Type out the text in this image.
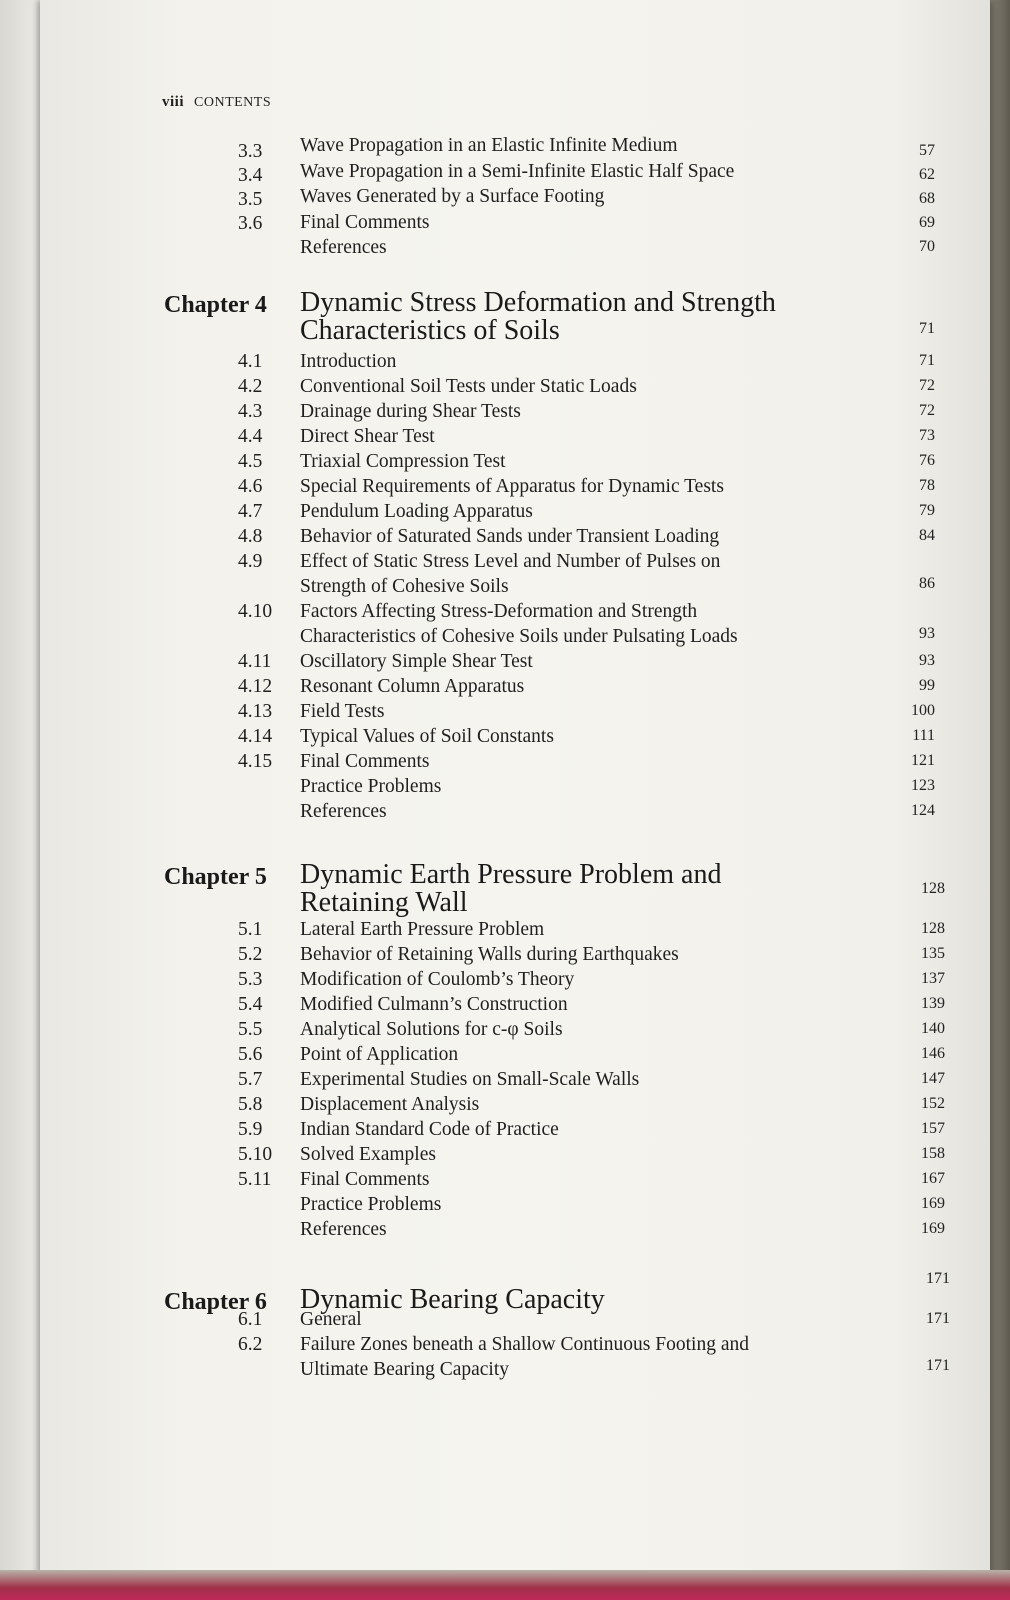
viii CONTENTS
3.3	Wave Propagation in an Elastic Infinite Medium	57
3.4	Wave Propagation in a Semi-Infinite Elastic Half Space	62
3.5	Waves Generated by a Surface Footing	68
3.6	Final Comments	69
References	70
Chapter 4 Dynamic Stress Deformation and Strength
Characteristics of Soils	71
4.1	Introduction	71
4.2	Conventional Soil Tests under Static Loads	72
4.3	Drainage during Shear Tests	72
4.4	Direct Shear Test	73
4.5	Triaxial Compression Test	76
4.6	Special Requirements of Apparatus for Dynamic Tests	78
4.7	Pendulum Loading Apparatus	79
4.8	Behavior of Saturated Sands under Transient Loading	84
4.9	Effect of Static Stress Level and Number of Pulses on
Strength of Cohesive Soils	86
4.10	Factors Affecting Stress-Deformation and Strength
Characteristics of Cohesive Soils under Pulsating Loads	93
4.11	Oscillatory Simple Shear Test	93
4.12	Resonant Column Apparatus	99
4.13	Field Tests	100
4.14	Typical Values of Soil Constants	111
4.15	Final Comments	121
Practice Problems	123
References	124
Chapter 5 Dynamic Earth Pressure Problem and
Retaining Wall	128
5.1	Lateral Earth Pressure Problem	128
5.2	Behavior of Retaining Walls during Earthquakes	135
5.3	Modification of Coulomb’s Theory	137
5.4	Modified Culmann’s Construction	139
5.5	Analytical Solutions for c-φ Soils	140
5.6	Point of Application	146
5.7	Experimental Studies on Small-Scale Walls	147
5.8	Displacement Analysis	152
5.9	Indian Standard Code of Practice	157
5.10	Solved Examples	158
5.11	Final Comments	167
Practice Problems	169
References	169
Chapter 6 Dynamic Bearing Capacity
171
6.1	General	171
6.2	Failure Zones beneath a Shallow Continuous Footing and
Ultimate Bearing Capacity	171
